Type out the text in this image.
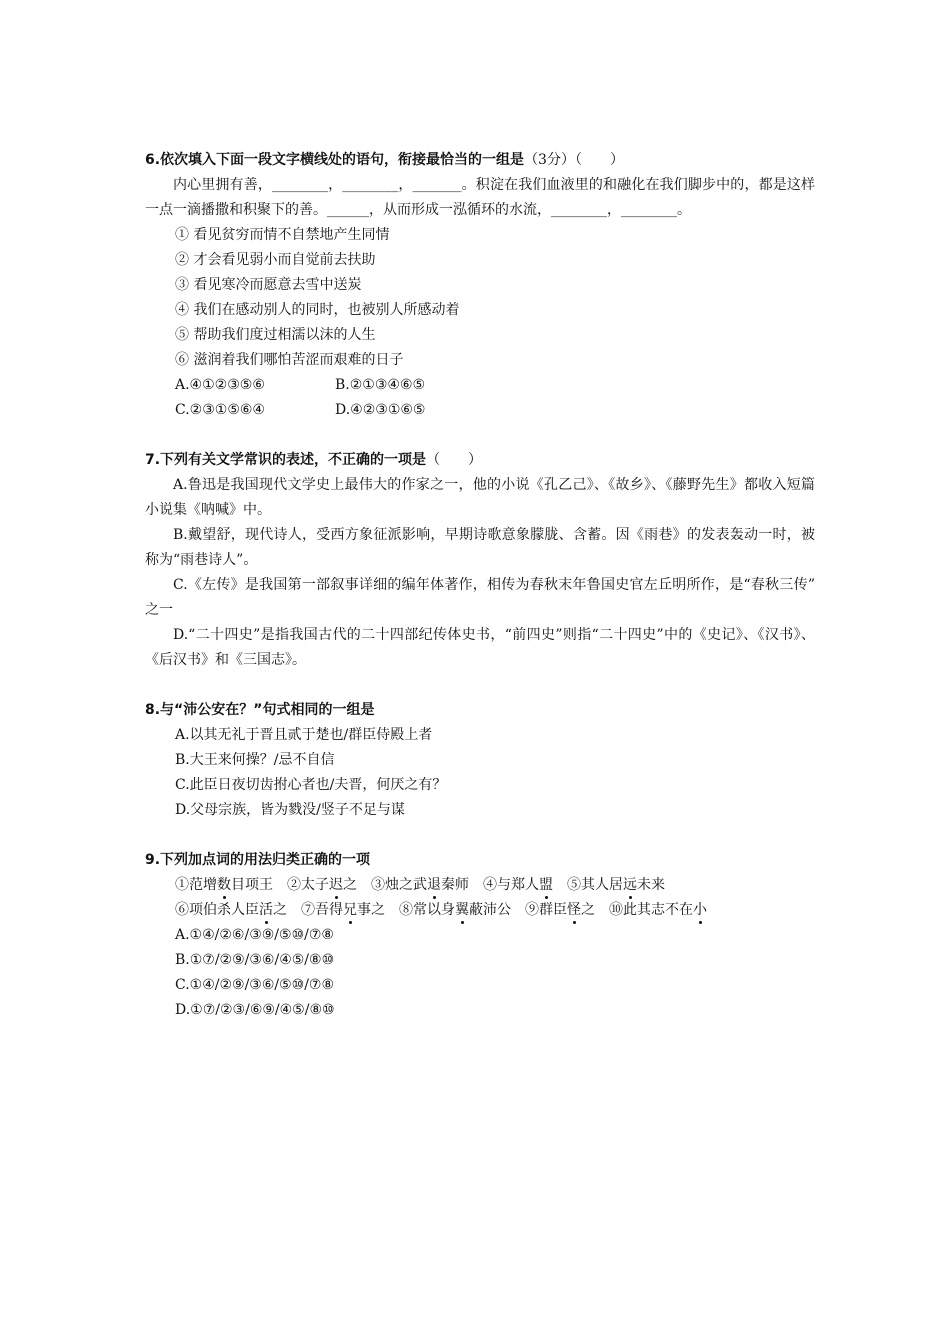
6.依次填入下面一段文字横线处的语句，衔接最恰当的一组是（3分）（　　）

内心里拥有善，________，________，_______。积淀在我们血液里的和融化在我们脚步中的，都是这样一点一滴播撒和积聚下的善。______，从而形成一泓循环的水流，________，________。

① 看见贫穷而情不自禁地产生同情
② 才会看见弱小而自觉前去扶助
③ 看见寒冷而愿意去雪中送炭
④ 我们在感动别人的同时，也被别人所感动着
⑤ 帮助我们度过相濡以沫的人生
⑥ 滋润着我们哪怕苦涩而艰难的日子
A.④①②③⑤⑥	B.②①③④⑥⑤
C.②③①⑤⑥④	D.④②③①⑥⑤
7.下列有关文学常识的表述，不正确的一项是（　　）

A.鲁迅是我国现代文学史上最伟大的作家之一，他的小说《孔乙己》、《故乡》、《藤野先生》都收入短篇小说集《呐喊》中。

B.戴望舒，现代诗人，受西方象征派影响，早期诗歌意象朦胧、含蓄。因《雨巷》的发表轰动一时，被称为“雨巷诗人”。

C.《左传》是我国第一部叙事详细的编年体著作，相传为春秋末年鲁国史官左丘明所作，是“春秋三传”　之一

D.“二十四史”是指我国古代的二十四部纪传体史书，“前四史”则指“二十四史”中的《史记》、《汉书》、《后汉书》和《三国志》。

8.与“沛公安在？”句式相同的一组是
A.以其无礼于晋且贰于楚也/群臣侍殿上者
B.大王来何操？/忌不自信
C.此臣日夜切齿拊心者也/夫晋，何厌之有？
D.父母宗族，皆为戮没/竖子不足与谋
9.下列加点词的用法归类正确的一项
①范增数目项王　②太子迟之　③烛之武退秦师　④与郑人盟　 ⑤其人居远未来
⑥项伯杀人臣活之　⑦吾得兄事之　⑧常以身翼蔽沛公　⑨群臣怪之　⑩此其志不在小
A.①④/②⑥/③⑨/⑤⑩/⑦⑧
B.①⑦/②⑨/③⑥/④⑤/⑧⑩
C.①④/②⑨/③⑥/⑤⑩/⑦⑧
D.①⑦/②③/⑥⑨/④⑤/⑧⑩
